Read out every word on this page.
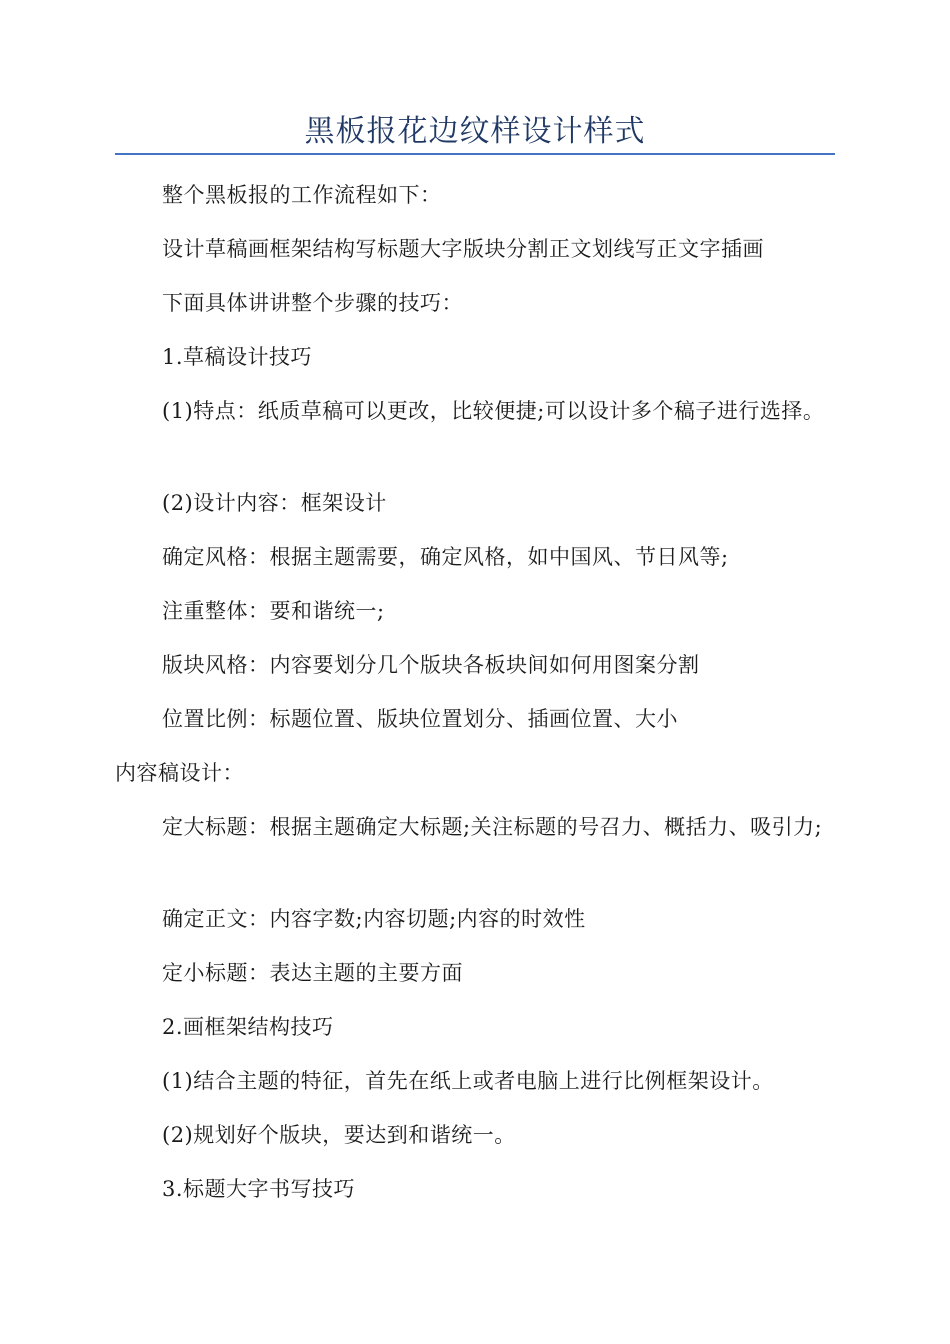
黑板报花边纹样设计样式
整个黑板报的工作流程如下：
设计草稿画框架结构写标题大字版块分割正文划线写正文字插画
下面具体讲讲整个步骤的技巧：
1.草稿设计技巧
(1)特点：纸质草稿可以更改，比较便捷;可以设计多个稿子进行选择。
(2)设计内容：框架设计
确定风格：根据主题需要，确定风格，如中国风、节日风等;
注重整体：要和谐统一;
版块风格：内容要划分几个版块各板块间如何用图案分割
位置比例：标题位置、版块位置划分、插画位置、大小
内容稿设计：
定大标题：根据主题确定大标题;关注标题的号召力、概括力、吸引力;
确定正文：内容字数;内容切题;内容的时效性
定小标题：表达主题的主要方面
2.画框架结构技巧
(1)结合主题的特征，首先在纸上或者电脑上进行比例框架设计。
(2)规划好个版块，要达到和谐统一。
3.标题大字书写技巧
